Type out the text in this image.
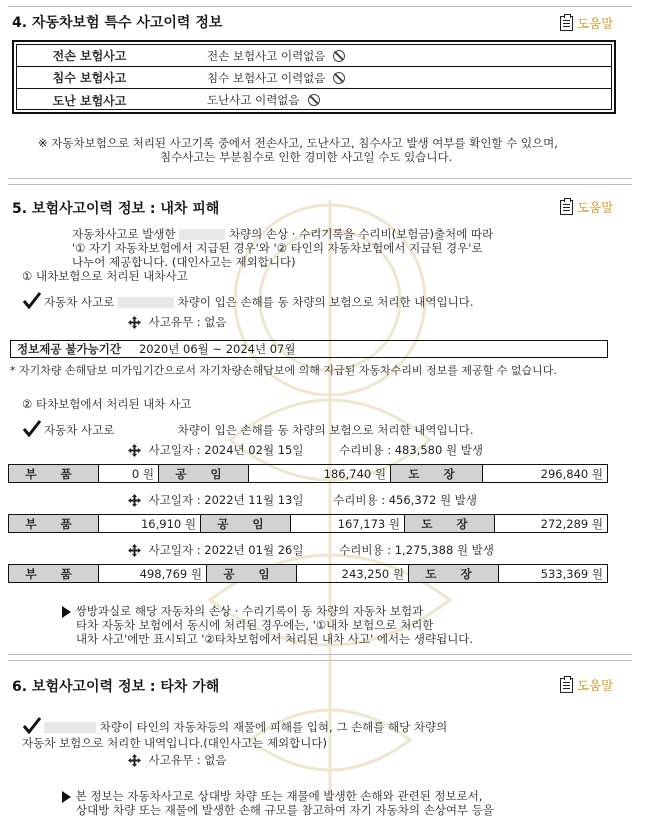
4. 자동차보험 특수 사고이력 정보	도움말
전손 보험사고	전손 보험사고 이력없음
침수 보험사고	침수 보험사고 이력없음
도난 보험사고	도난사고 이력없음
※ 자동차보험으로 처리된 사고기록 중에서 전손사고, 도난사고, 침수사고 발생 여부를 확인할 수 있으며,
침수사고는 부분침수로 인한 경미한 사고일 수도 있습니다.
5. 보험사고이력 정보 : 내차 피해	도움말
자동차사고로 발생한	차량의 손상 · 수리기록을 수리비(보험금)출처에 따라
'① 자기 자동차보험에서 지급된 경우'와 '② 타인의 자동차보험에서 지급된 경우'로
나누어 제공합니다. (대인사고는 제외합니다)
① 내차보험으로 처리된 내차사고
자동차 사고로	차량이 입은 손해를 동 차량의 보험으로 처리한 내역입니다.
사고유무 : 없음
정보제공 불가능기간 2020년 06월 ~ 2024년 07월
* 자기차량 손해담보 미가입기간으로서 자기차량손해담보에 의해 지급된 자동차수리비 정보를 제공할 수 없습니다.
② 타차보험에서 처리된 내차 사고
자동차 사고로	차량이 입은 손해를 동 차량의 보험으로 처리한 내역입니다.
사고일자 : 2024년 02월 15일	수리비용 : 483,580 원 발생
부 품	0 원	공 임	186,740 원	도 장	296,840 원
사고일자 : 2022년 11월 13일	수리비용 : 456,372 원 발생
부 품	16,910 원	공 임	167,173 원	도 장	272,289 원
사고일자 : 2022년 01월 26일	수리비용 : 1,275,388 원 발생
부 품	498,769 원	공 임	243,250 원	도 장	533,369 원
쌍방과실로 해당 자동차의 손상 · 수리기록이 동 차량의 자동차 보험과
타차 자동차 보험에서 동시에 처리된 경우에는, '①내차 보험으로 처리한
내차 사고'에만 표시되고 '②타차보험에서 처리된 내차 사고' 에서는 생략됩니다.
6. 보험사고이력 정보 : 타차 가해	도움말
차량이 타인의 자동차등의 재물에 피해를 입혀, 그 손해를 해당 차량의
자동차 보험으로 처리한 내역입니다.(대인사고는 제외합니다)
사고유무 : 없음
본 정보는 자동차사고로 상대방 차량 또는 재물에 발생한 손해와 관련된 정보로서,
상대방 차량 또는 재물에 발생한 손해 규모를 참고하여 자기 자동차의 손상여부 등을
